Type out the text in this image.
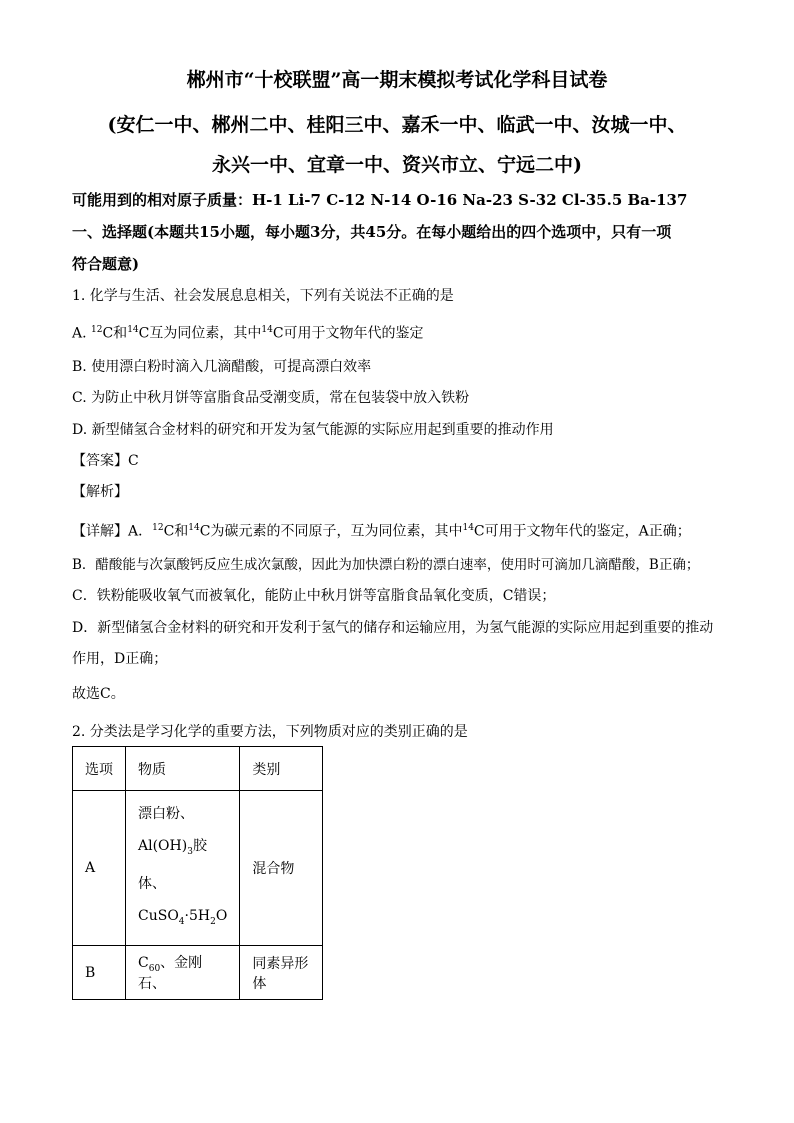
郴州市“十校联盟”高一期末模拟考试化学科目试卷
(安仁一中、郴州二中、桂阳三中、嘉禾一中、临武一中、汝城一中、
永兴一中、宜章一中、资兴市立、宁远二中)
可能用到的相对原子质量：H-1 Li-7 C-12 N-14 O-16 Na-23 S-32 Cl-35.5 Ba-137
一、选择题(本题共15小题，每小题3分，共45分。在每小题给出的四个选项中，只有一项
符合题意)
1. 化学与生活、社会发展息息相关，下列有关说法不正确的是
A. $^{12}$C和$^{14}$C互为同位素，其中$^{14}$C可用于文物年代的鉴定
B. 使用漂白粉时滴入几滴醋酸，可提高漂白效率
C. 为防止中秋月饼等富脂食品受潮变质，常在包装袋中放入铁粉
D. 新型储氢合金材料的研究和开发为氢气能源的实际应用起到重要的推动作用
【答案】C
【解析】
【详解】A．$^{12}$C和$^{14}$C为碳元素的不同原子，互为同位素，其中$^{14}$C可用于文物年代的鉴定，A正确；
B．醋酸能与次氯酸钙反应生成次氯酸，因此为加快漂白粉的漂白速率，使用时可滴加几滴醋酸，B正确；
C．铁粉能吸收氧气而被氧化，能防止中秋月饼等富脂食品氧化变质，C错误；
D．新型储氢合金材料的研究和开发利于氢气的储存和运输应用，为氢气能源的实际应用起到重要的推动
作用，D正确；
故选C。
2. 分类法是学习化学的重要方法，下列物质对应的类别正确的是
选项	物质	类别
A	漂白粉、
$Al(OH)_3$胶
体、
$CuSO_4\cdot 5H_2O$	混合物
B	$C_{60}$、金刚石、	同素异形体
